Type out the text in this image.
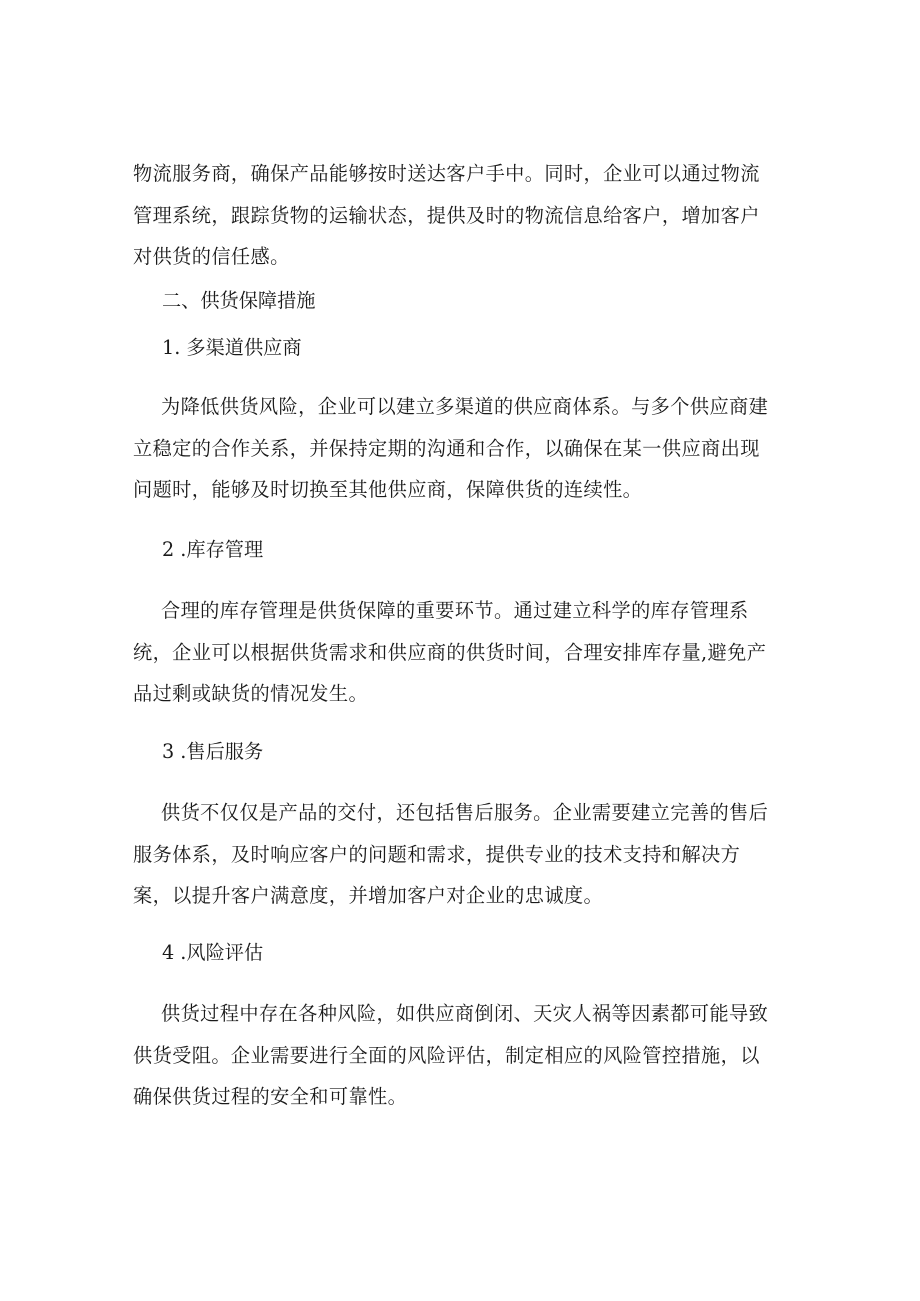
物流服务商，确保产品能够按时送达客户手中。同时，企业可以通过物流
管理系统，跟踪货物的运输状态，提供及时的物流信息给客户，增加客户
对供货的信任感。
二、供货保障措施
1. 多渠道供应商
为降低供货风险，企业可以建立多渠道的供应商体系。与多个供应商建
立稳定的合作关系，并保持定期的沟通和合作，以确保在某一供应商出现
问题时，能够及时切换至其他供应商，保障供货的连续性。
2 .库存管理
合理的库存管理是供货保障的重要环节。通过建立科学的库存管理系
统，企业可以根据供货需求和供应商的供货时间，合理安排库存量,避免产
品过剩或缺货的情况发生。
3 .售后服务
供货不仅仅是产品的交付，还包括售后服务。企业需要建立完善的售后
服务体系，及时响应客户的问题和需求，提供专业的技术支持和解决方
案，以提升客户满意度，并增加客户对企业的忠诚度。
4 .风险评估
供货过程中存在各种风险，如供应商倒闭、天灾人祸等因素都可能导致
供货受阻。企业需要进行全面的风险评估，制定相应的风险管控措施，以
确保供货过程的安全和可靠性。
